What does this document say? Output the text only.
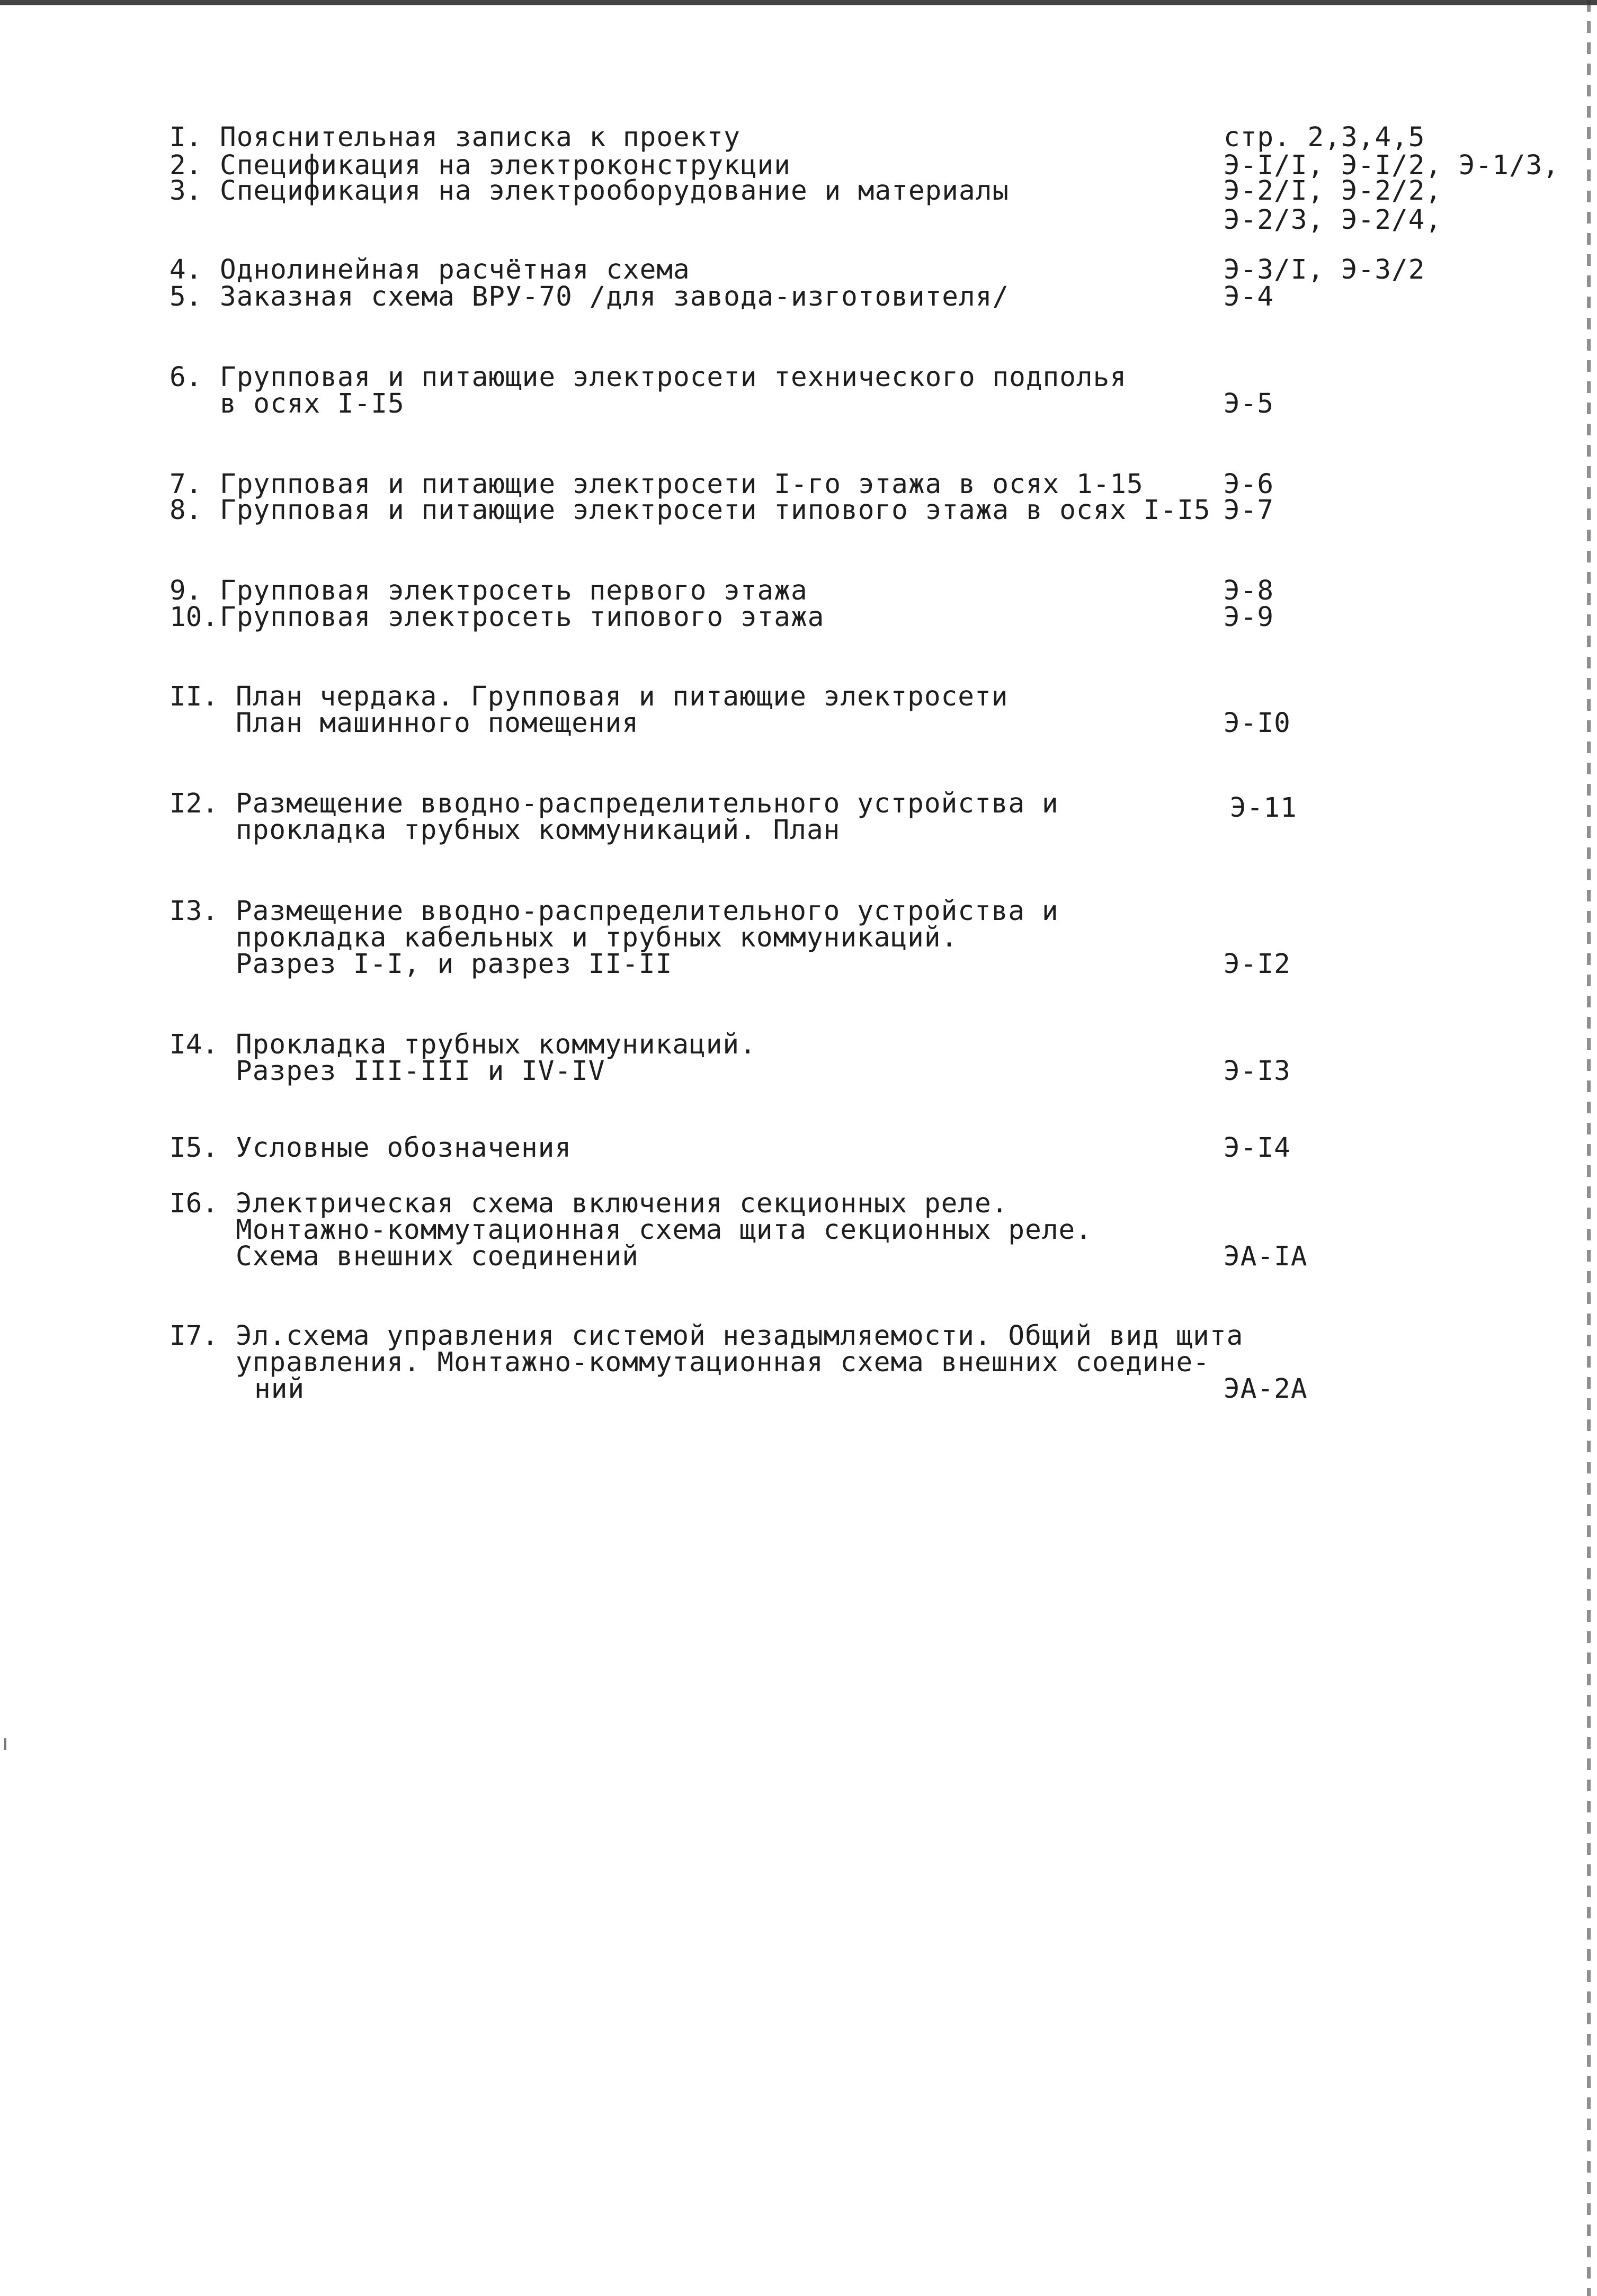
I. Пояснительная записка к проекту	стр. 2,3,4,5
2. Спецификация на электроконструкции	Э-I/I, Э-I/2, Э-1/3,
3. Спецификация на электрооборудование и материалы	Э-2/I, Э-2/2,
Э-2/3, Э-2/4,
4. Однолинейная расчётная схема	Э-3/I, Э-3/2
5. Заказная схема ВРУ-70 /для завода-изготовителя/	Э-4
6. Групповая и питающие электросети технического подполья
в осях I-I5	Э-5
7. Групповая и питающие электросети I-го этажа в осях 1-15	Э-6
8. Групповая и питающие электросети типового этажа в осях I-I5 Э-7
9. Групповая электросеть первого этажа	Э-8
10. Групповая электросеть типового этажа	Э-9
II. План чердака. Групповая и питающие электросети
План машинного помещения	Э-I0
I2. Размещение вводно-распределительного устройства и
прокладка трубных коммуникаций. План
Э-11
I3. Размещение вводно-распределительного устройства и
прокладка кабельных и трубных коммуникаций.
Разрез I-I, и разрез II-II	Э-I2
I4. Прокладка трубных коммуникаций.
Разрез III-III и IV-IV	Э-I3
I5. Условные обозначения	Э-I4
I6. Электрическая схема включения секционных реле.
Монтажно-коммутационная схема щита секционных реле.
Схема внешних соединений	ЭА-IА
I7. Эл.схема управления системой незадымляемости. Общий вид щита
управления. Монтажно-коммутационная схема внешних соедине-
ний	ЭА-2А
